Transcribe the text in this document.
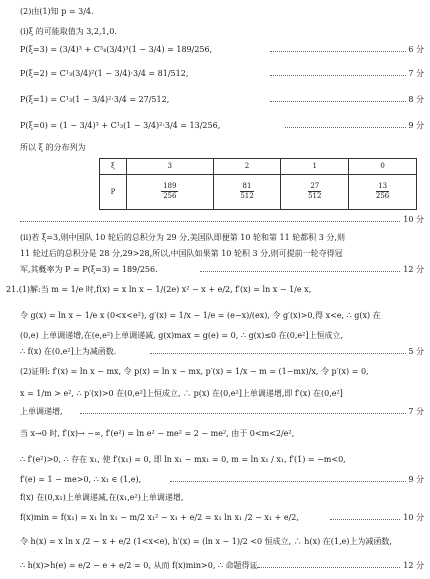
(2)由(1)知 p = 3/4.
(ⅰ)ξ 的可能取值为 3,2,1,0.
P(ξ=3) = (3/4)³ + C³₄(3/4)³(1 − 3/4) = 189/256,	6 分
P(ξ=2) = C¹₃(3/4)²(1 − 3/4)·3/4 = 81/512,	7 分
P(ξ=1) = C¹₃(1 − 3/4)²·3/4 = 27/512,	8 分
P(ξ=0) = (1 − 3/4)³ + C¹₃(1 − 3/4)²·3/4 = 13/256,	9 分
所以 ξ 的分布列为
ξ	3	2	1	0
P	$\frac{189}{256}$	$\frac{81}{512}$	$\frac{27}{512}$	$\frac{13}{256}$
10 分
(ⅱ)若 ξ=3,则中国队 10 轮后的总积分为 29 分,美国队即便第 10 轮和第 11 轮都积 3 分,则
11 轮过后的总积分是 28 分,29>28,所以,中国队如果第 10 轮积 3 分,则可提前一轮夺得冠
军,其概率为 P = P(ξ=3) = 189/256.	12 分
21.(1)解:当 m = 1/e 时,f(x) = x ln x − 1/(2e) x² − x + e/2, f′(x) = ln x − 1/e x,
令 g(x) = ln x − 1/e x (0<x<e²), g′(x) = 1/x − 1/e = (e−x)/(ex), 令 g′(x)>0,得 x<e, ∴ g(x) 在
(0,e) 上单调递增,在(e,e²)上单调递减, g(x)max = g(e) = 0, ∴ g(x)≤0 在(0,e²]上恒成立,
∴ f(x) 在(0,e²]上为减函数.	5 分
(2)证明: f′(x) = ln x − mx, 令 p(x) = ln x − mx, p′(x) = 1/x − m = (1−mx)/x, 令 p′(x) = 0,
x = 1/m > e², ∴ p′(x)>0 在(0,e²]上恒成立, ∴ p(x) 在(0,e²]上单调递增,即 f′(x) 在(0,e²]
上单调递增,	7 分
当 x→0 时, f′(x)→ −∞, f′(e²) = ln e² − me² = 2 − me², 由于 0<m<2/e²,
∴ f′(e²)>0, ∴ 存在 x₁, 使 f′(x₁) = 0, 即 ln x₁ − mx₁ = 0, m = ln x₁ / x₁, f′(1) = −m<0,
f′(e) = 1 − me>0, ∴ x₁ ∈ (1,e),	9 分
f(x) 在(0,x₁)上单调递减,在(x₁,e²)上单调递增,
f(x)min = f(x₁) = x₁ ln x₁ − m/2 x₁² − x₁ + e/2 = x₁ ln x₁ /2 − x₁ + e/2,	10 分
令 h(x) = x ln x /2 − x + e/2 (1<x<e), h′(x) = (ln x − 1)/2 <0 恒成立, ∴ h(x) 在(1,e)上为减函数,
∴ h(x)>h(e) = e/2 − e + e/2 = 0, 从而 f(x)min>0, ∴ 命题得证.	12 分
